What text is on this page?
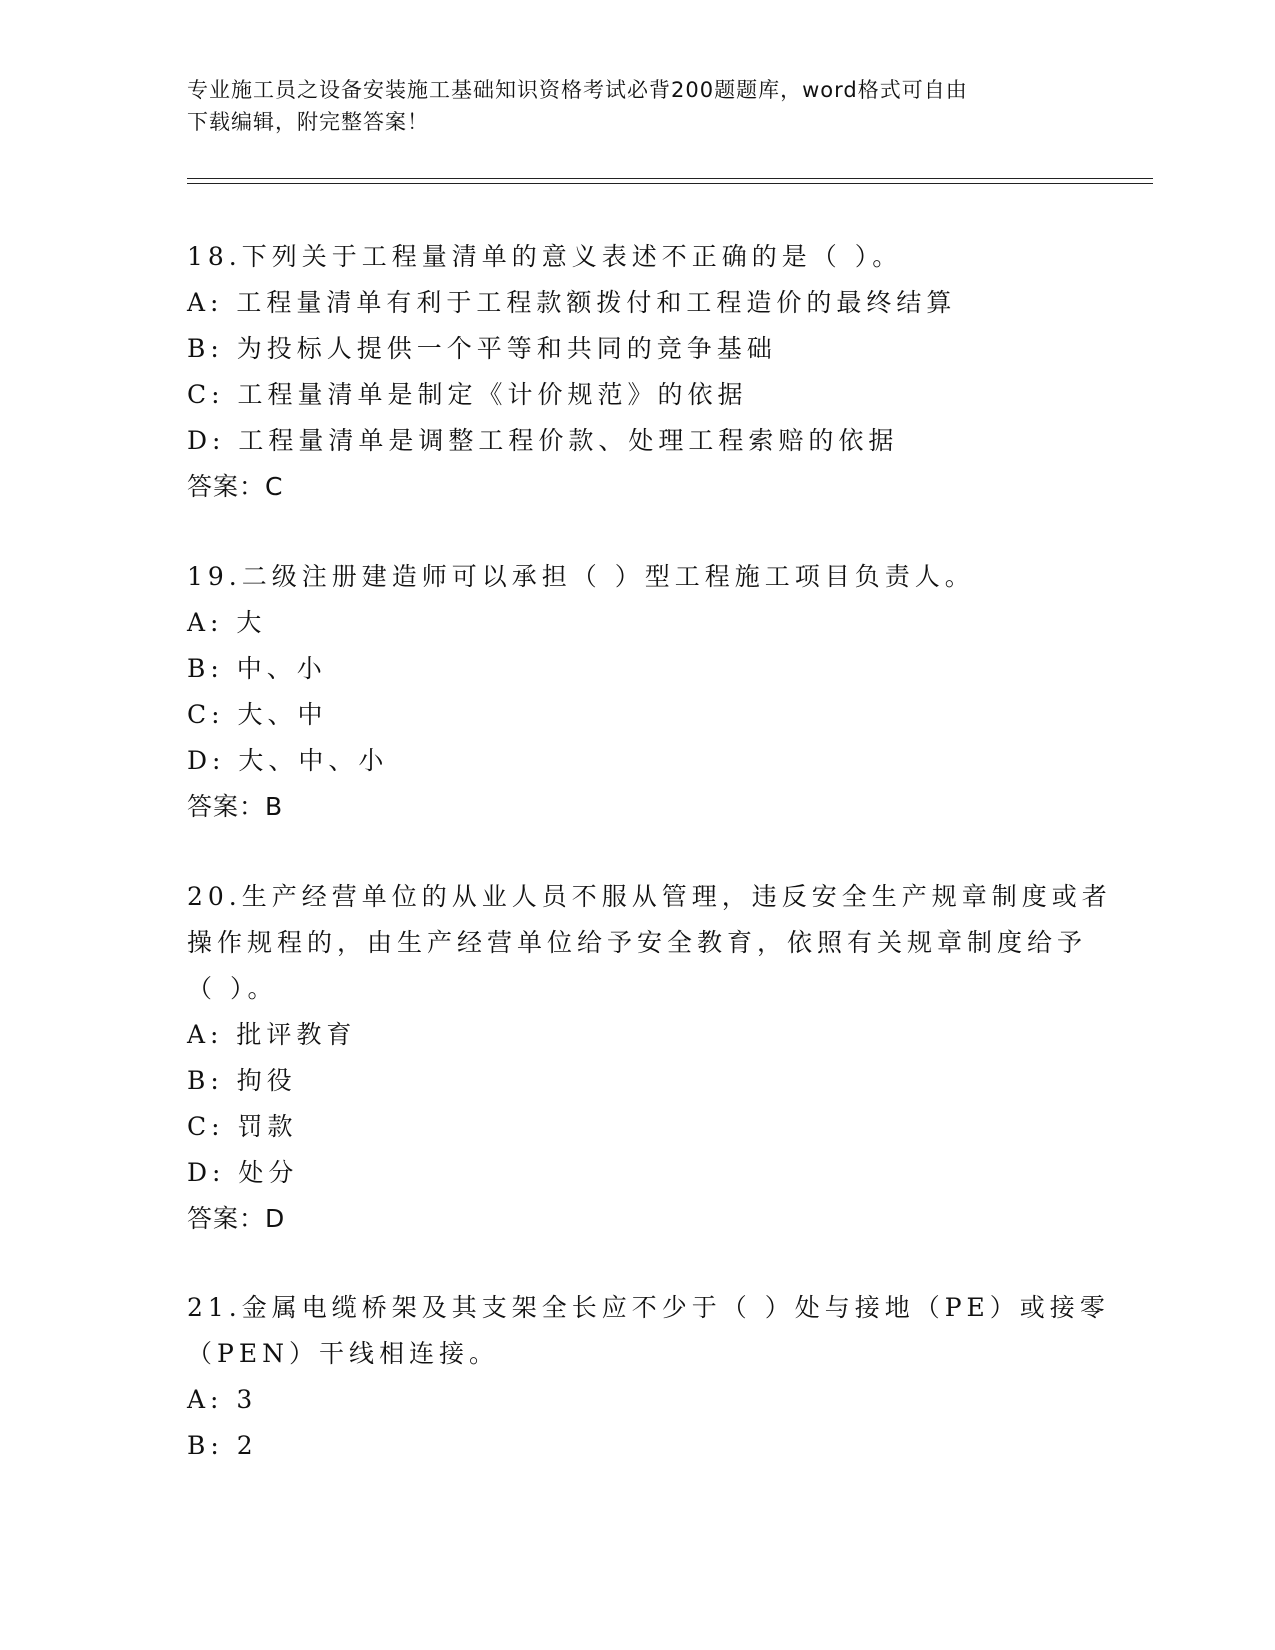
专业施工员之设备安装施工基础知识资格考试必背200题题库，word格式可自由
下载编辑，附完整答案！
18.下列关于工程量清单的意义表述不正确的是（ ）。
A: 工程量清单有利于工程款额拨付和工程造价的最终结算
B: 为投标人提供一个平等和共同的竞争基础
C: 工程量清单是制定《计价规范》的依据
D: 工程量清单是调整工程价款、处理工程索赔的依据
答案：C
19.二级注册建造师可以承担（ ）型工程施工项目负责人。
A: 大
B: 中、小
C: 大、中
D: 大、中、小
答案：B
20.生产经营单位的从业人员不服从管理，违反安全生产规章制度或者
操作规程的，由生产经营单位给予安全教育，依照有关规章制度给予
（ ）。
A: 批评教育
B: 拘役
C: 罚款
D: 处分
答案：D
21.金属电缆桥架及其支架全长应不少于（ ）处与接地（PE）或接零
（PEN）干线相连接。
A: 3
B: 2
